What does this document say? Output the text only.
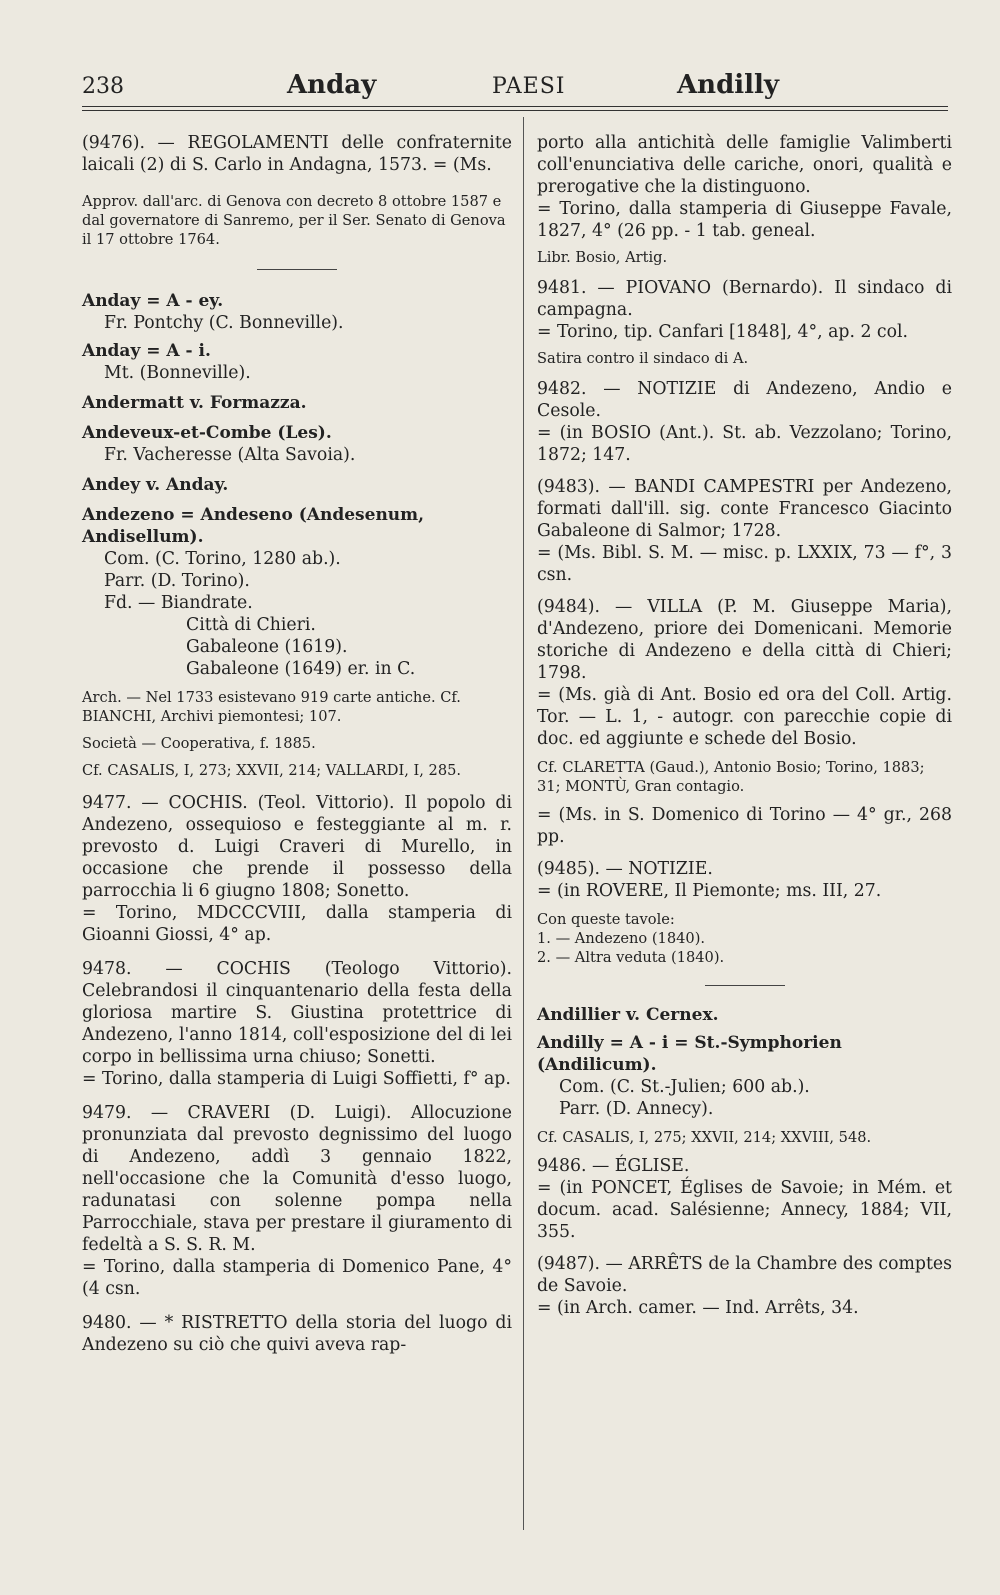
238	Anday	PAESI	Andilly

(9476). — REGOLAMENTI delle confraternite laicali (2) di S. Carlo in Andagna, 1573. = (Ms.

Approv. dall'arc. di Genova con decreto 8 ottobre 1587 e dal governatore di Sanremo, per il Ser. Senato di Genova il 17 ottobre 1764.

Anday = A - ey.

Fr. Pontchy (C. Bonneville).

Anday = A - i.

Mt. (Bonneville).

Andermatt v. Formazza.

Andeveux-et-Combe (Les).

Fr. Vacheresse (Alta Savoia).

Andey v. Anday.

Andezeno = Andeseno (Andesenum, Andisellum).

Com. (C. Torino, 1280 ab.).

Parr. (D. Torino).

Fd. — Biandrate.

Città di Chieri.

Gabaleone (1619).

Gabaleone (1649) er. in C.

Arch. — Nel 1733 esistevano 919 carte antiche. Cf. BIANCHI, Archivi piemontesi; 107.

Società — Cooperativa, f. 1885.

Cf. CASALIS, I, 273; XXVII, 214; VALLARDI, I, 285.

9477. — COCHIS. (Teol. Vittorio). Il popolo di Andezeno, ossequioso e festeggiante al m. r. prevosto d. Luigi Craveri di Murello, in occasione che prende il possesso della parrocchia li 6 giugno 1808; Sonetto.

= Torino, MDCCCVIII, dalla stamperia di Gioanni Giossi, 4° ap.

9478. — COCHIS (Teologo Vittorio). Celebrandosi il cinquantenario della festa della gloriosa martire S. Giustina protettrice di Andezeno, l'anno 1814, coll'esposizione del di lei corpo in bellissima urna chiuso; Sonetti.

= Torino, dalla stamperia di Luigi Soffietti, f° ap.

9479. — CRAVERI (D. Luigi). Allocuzione pronunziata dal prevosto degnissimo del luogo di Andezeno, addì 3 gennaio 1822, nell'occasione che la Comunità d'esso luogo, radunatasi con solenne pompa nella Parrocchiale, stava per prestare il giuramento di fedeltà a S. S. R. M.

= Torino, dalla stamperia di Domenico Pane, 4° (4 csn.

9480. — * RISTRETTO della storia del luogo di Andezeno su ciò che quivi aveva rap-

porto alla antichità delle famiglie Valimberti coll'enunciativa delle cariche, onori, qualità e prerogative che la distinguono.

= Torino, dalla stamperia di Giuseppe Favale, 1827, 4° (26 pp. - 1 tab. geneal.

Libr. Bosio, Artig.

9481. — PIOVANO (Bernardo). Il sindaco di campagna.

= Torino, tip. Canfari [1848], 4°, ap. 2 col.

Satira contro il sindaco di A.

9482. — NOTIZIE di Andezeno, Andio e Cesole.

= (in BOSIO (Ant.). St. ab. Vezzolano; Torino, 1872; 147.

(9483). — BANDI CAMPESTRI per Andezeno, formati dall'ill. sig. conte Francesco Giacinto Gabaleone di Salmor; 1728.

= (Ms. Bibl. S. M. — misc. p. LXXIX, 73 — f°, 3 csn.

(9484). — VILLA (P. M. Giuseppe Maria), d'Andezeno, priore dei Domenicani. Memorie storiche di Andezeno e della città di Chieri; 1798.

= (Ms. già di Ant. Bosio ed ora del Coll. Artig. Tor. — L. 1, - autogr. con parecchie copie di doc. ed aggiunte e schede del Bosio.

Cf. CLARETTA (Gaud.), Antonio Bosio; Torino, 1883; 31; MONTÙ, Gran contagio.

= (Ms. in S. Domenico di Torino — 4° gr., 268 pp.

(9485). — NOTIZIE.

= (in ROVERE, Il Piemonte; ms. III, 27.

Con queste tavole:

1. — Andezeno (1840).

2. — Altra veduta (1840).

Andillier v. Cernex.

Andilly = A - i = St.-Symphorien (Andilicum).

Com. (C. St.-Julien; 600 ab.).

Parr. (D. Annecy).

Cf. CASALIS, I, 275; XXVII, 214; XXVIII, 548.

9486. — ÉGLISE.

= (in PONCET, Églises de Savoie; in Mém. et docum. acad. Salésienne; Annecy, 1884; VII, 355.

(9487). — ARRÊTS de la Chambre des comptes de Savoie.

= (in Arch. camer. — Ind. Arrêts, 34.
